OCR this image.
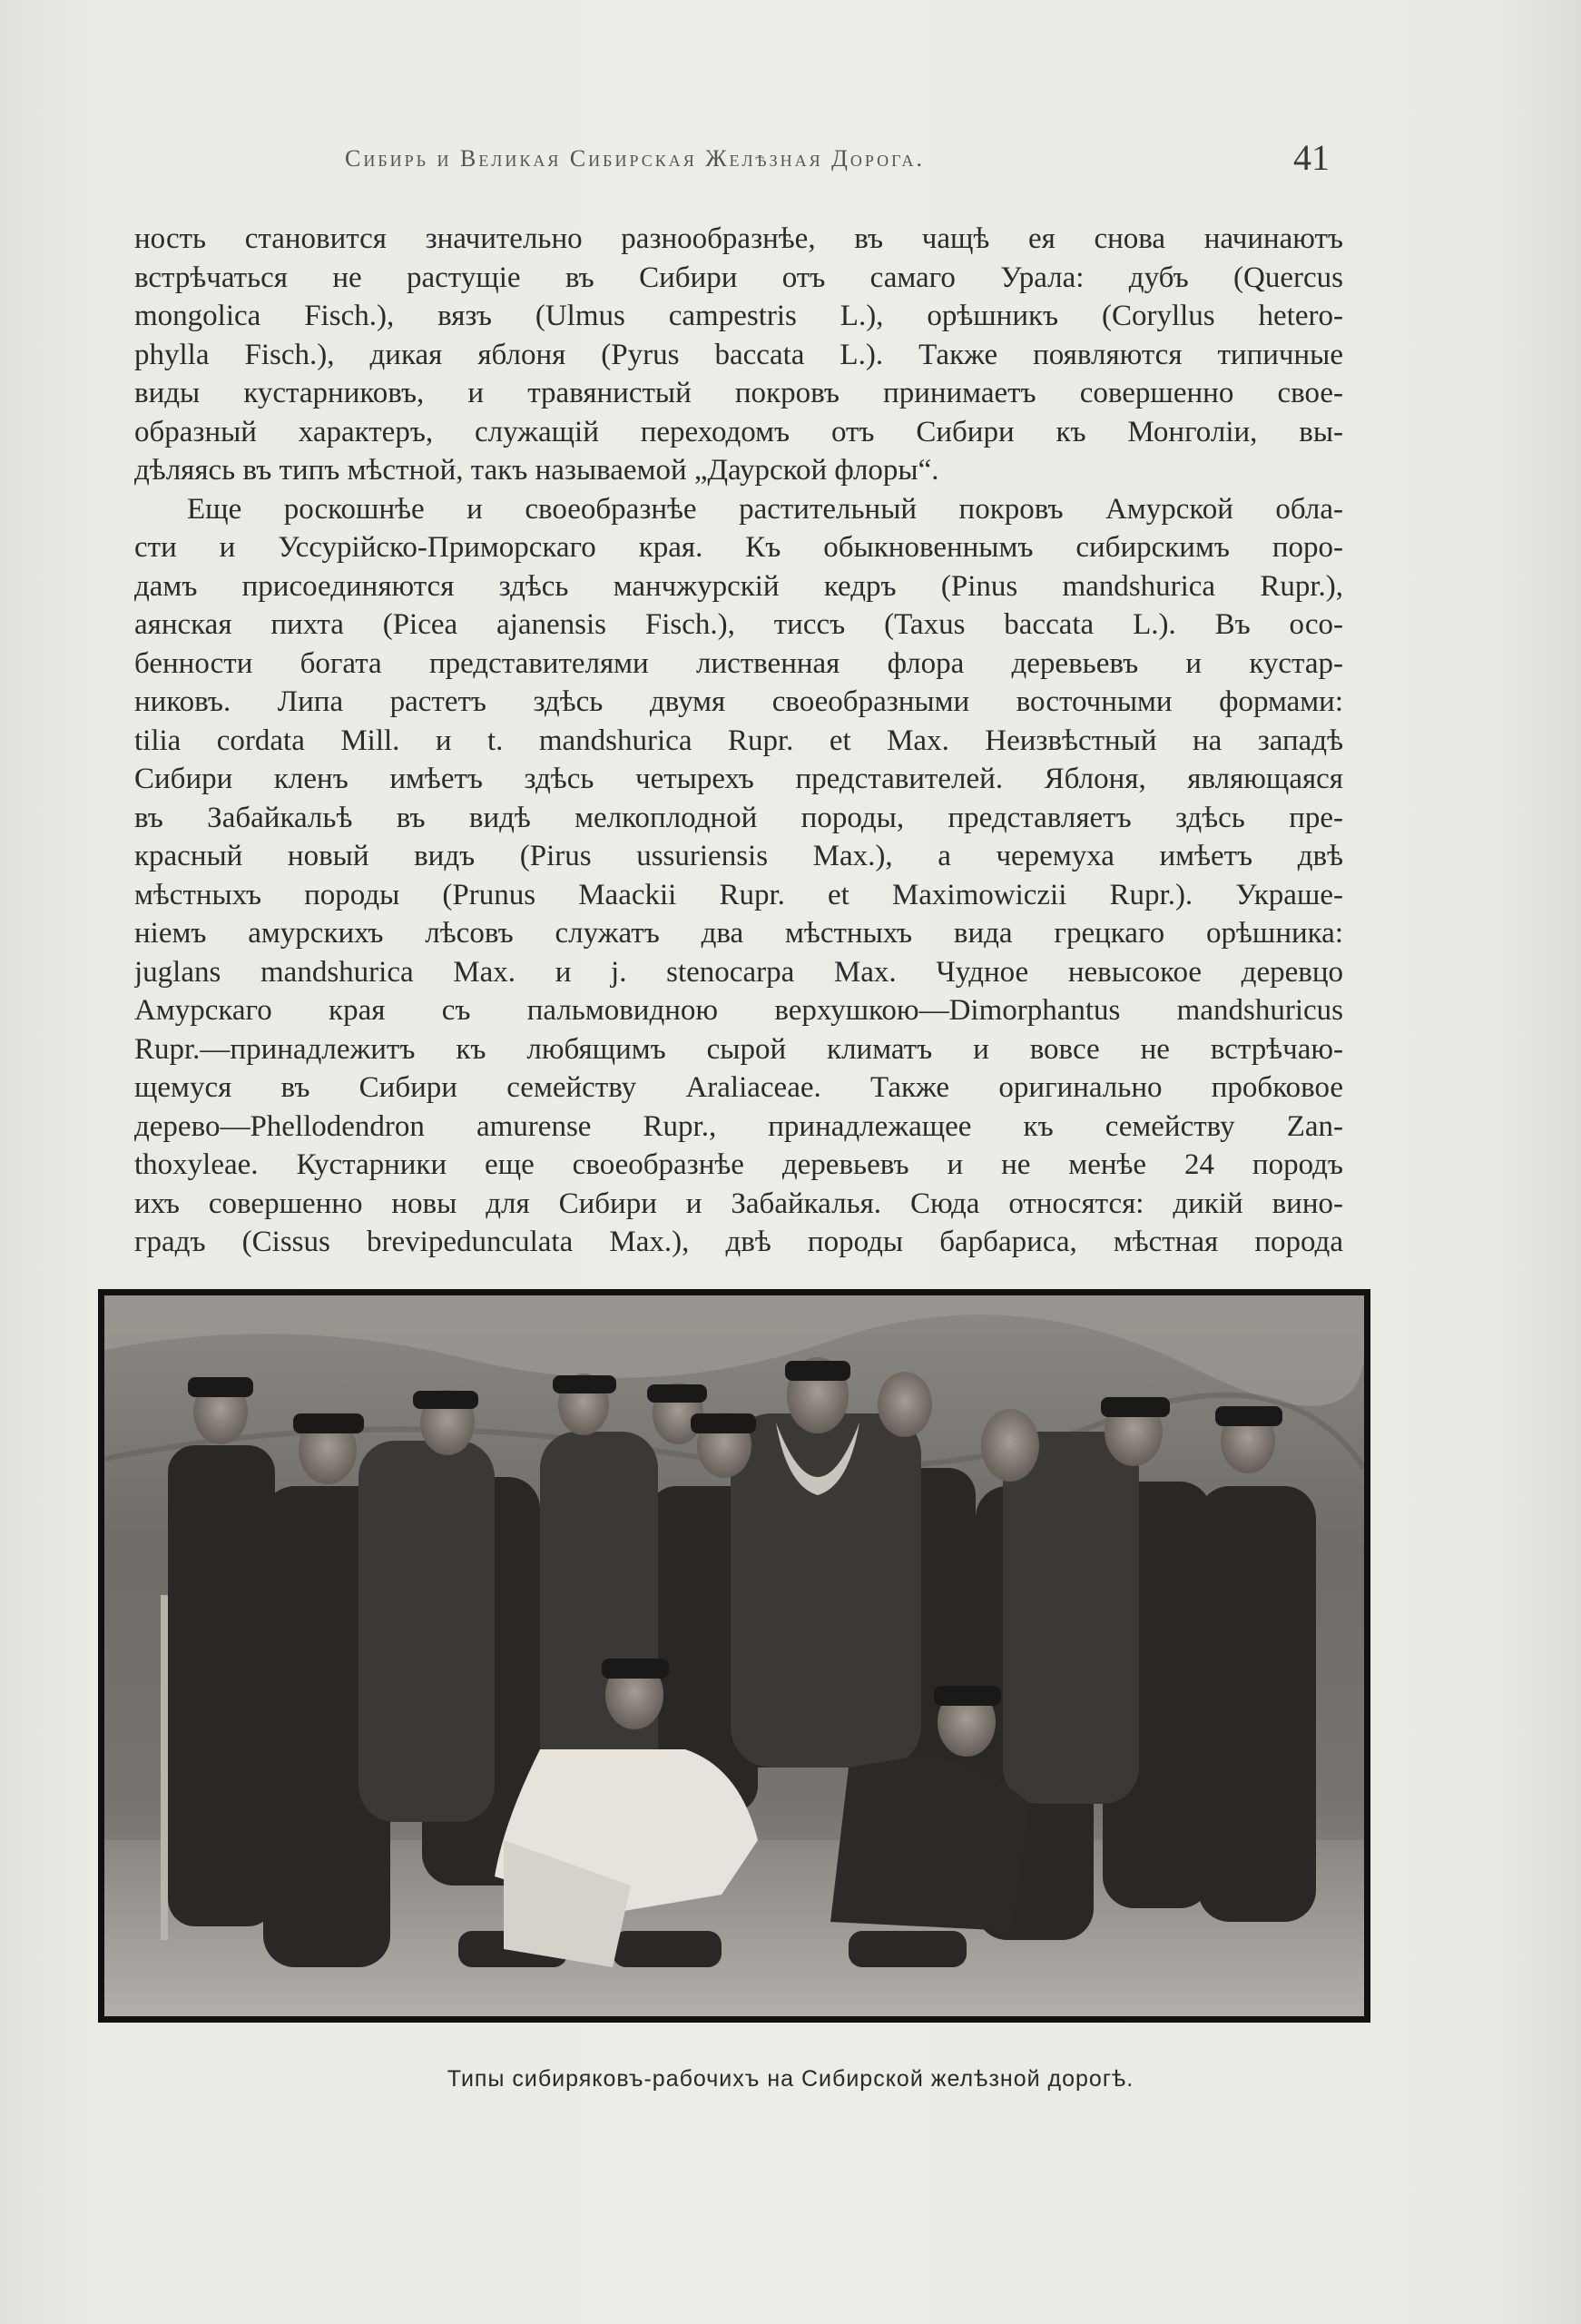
Сибирь и Великая Сибирская Желѣзная Дорога.	41
ность становится значительно разнообразнѣе, въ чащѣ ея снова начинаютъ
встрѣчаться не растущіе въ Сибири отъ самаго Урала: дубъ (Quercus
mongolica Fisch.), вязъ (Ulmus campestris L.), орѣшникъ (Coryllus hetero-
phylla Fisch.), дикая яблоня (Pyrus baccata L.). Также появляются типичные
виды кустарниковъ, и травянистый покровъ принимаетъ совершенно свое-
образный характеръ, служащій переходомъ отъ Сибири къ Монголіи, вы-
дѣляясь въ типъ мѣстной, такъ называемой „Даурской флоры“.
Еще роскошнѣе и своеобразнѣе растительный покровъ Амурской обла-
сти и Уссурійско-Приморскаго края. Къ обыкновеннымъ сибирскимъ поро-
дамъ присоединяются здѣсь манчжурскій кедръ (Pinus mandshurica Rupr.),
аянская пихта (Picea ajanensis Fisch.), тиссъ (Taxus baccata L.). Въ осо-
бенности богата представителями лиственная флора деревьевъ и кустар-
никовъ. Липа растетъ здѣсь двумя своеобразными восточными формами:
tilia cordata Mill. и t. mandshurica Rupr. et Max. Неизвѣстный на западѣ
Сибири кленъ имѣетъ здѣсь четырехъ представителей. Яблоня, являющаяся
въ Забайкальѣ въ видѣ мелкоплодной породы, представляетъ здѣсь пре-
красный новый видъ (Pirus ussuriensis Max.), а черемуха имѣетъ двѣ
мѣстныхъ породы (Prunus Maackii Rupr. et Maximowiczii Rupr.). Украше-
ніемъ амурскихъ лѣсовъ служатъ два мѣстныхъ вида грецкаго орѣшника:
juglans mandshurica Max. и j. stenocarpa Max. Чудное невысокое деревцо
Амурскаго края съ пальмовидною верхушкою—Dimorphantus mandshuricus
Rupr.—принадлежитъ къ любящимъ сырой климатъ и вовсе не встрѣчаю-
щемуся въ Сибири семейству Araliaceae. Также оригинально пробковое
дерево—Phellodendron amurense Rupr., принадлежащее къ семейству Zan-
thoxyleae. Кустарники еще своеобразнѣе деревьевъ и не менѣе 24 породъ
ихъ совершенно новы для Сибири и Забайкалья. Сюда относятся: дикій вино-
градъ (Cissus brevipedunculata Max.), двѣ породы барбариса, мѣстная порода
Типы сибиряковъ-рабочихъ на Сибирской желѣзной дорогѣ.
